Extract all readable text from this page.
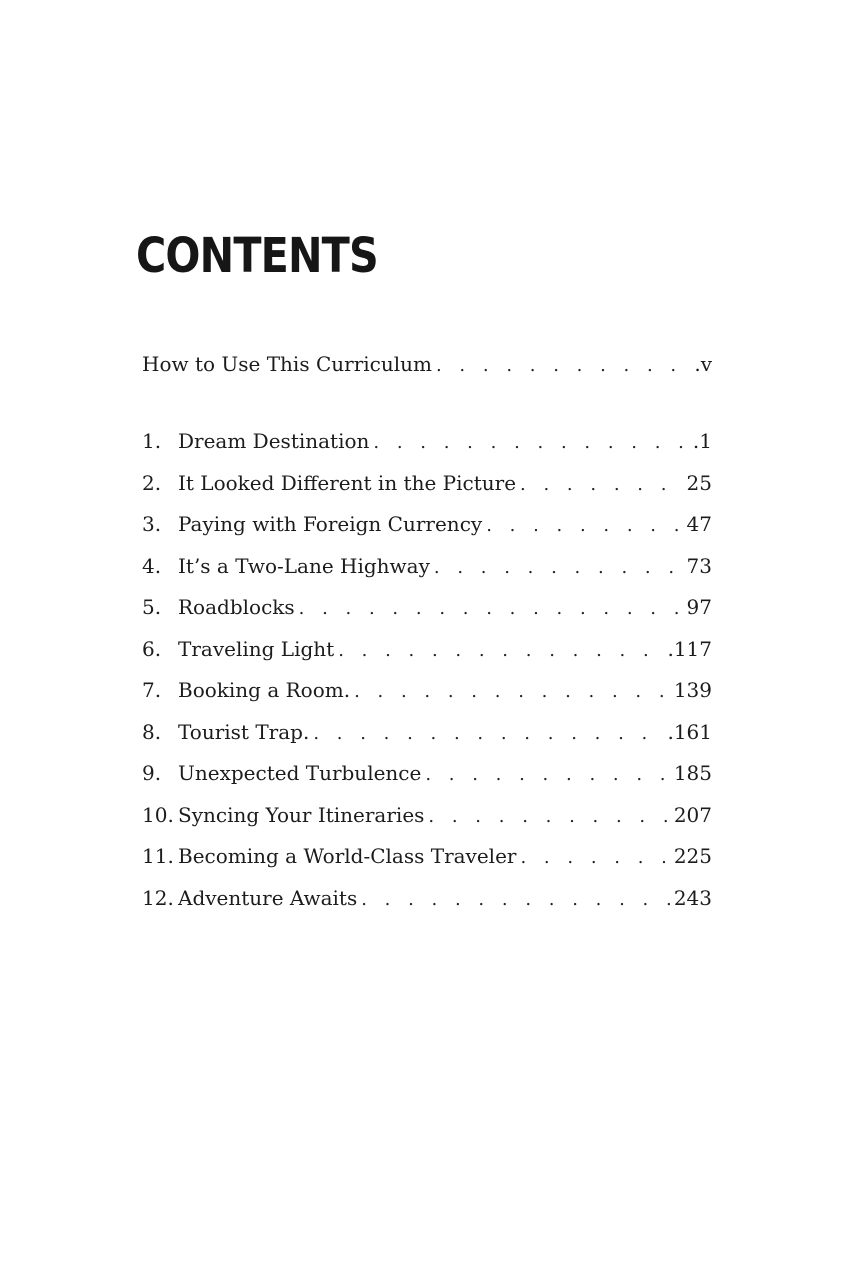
CONTENTS
How to Use This Curriculum . . .	.v
1. Dream Destination . . .	.1
2. It Looked Different in the Picture . . .	25
3. Paying with Foreign Currency . . .	47
4. It’s a Two-Lane Highway . . .	73
5. Roadblocks . . .	97
6. Traveling Light . . .	.117
7. Booking a Room. . . .	139
8. Tourist Trap. . . .	.161
9. Unexpected Turbulence . . .	185
10. Syncing Your Itineraries . . .	207
11. Becoming a World-Class Traveler . . .	225
12. Adventure Awaits . . .	243
